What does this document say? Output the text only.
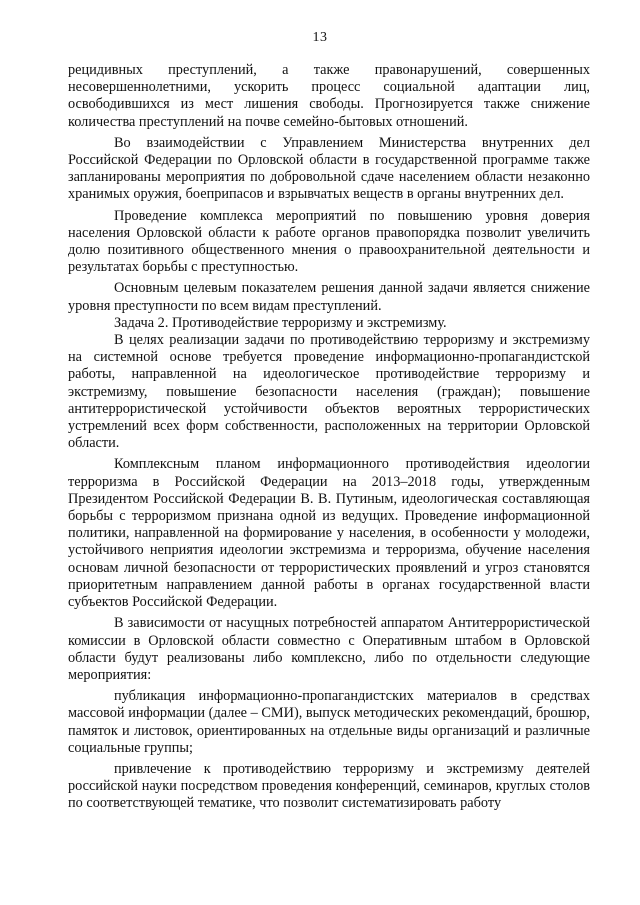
13

рецидивных преступлений, а также правонарушений, совершенных несовершеннолетними, ускорить процесс социальной адаптации лиц, освободившихся из мест лишения свободы. Прогнозируется также снижение количества преступлений на почве семейно-бытовых отношений.

Во взаимодействии с Управлением Министерства внутренних дел Российской Федерации по Орловской области в государственной программе также запланированы мероприятия по добровольной сдаче населением области незаконно хранимых оружия, боеприпасов и взрывчатых веществ в органы внутренних дел.

Проведение комплекса мероприятий по повышению уровня доверия населения Орловской области к работе органов правопорядка позволит увеличить долю позитивного общественного мнения о правоохранительной деятельности и результатах борьбы с преступностью.

Основным целевым показателем решения данной задачи является снижение уровня преступности по всем видам преступлений.

Задача 2. Противодействие терроризму и экстремизму.

В целях реализации задачи по противодействию терроризму и экстремизму на системной основе требуется проведение информационно-пропагандистской работы, направленной на идеологическое противодействие терроризму и экстремизму, повышение безопасности населения (граждан); повышение антитеррористической устойчивости объектов вероятных террористических устремлений всех форм собственности, расположенных на территории Орловской области.

Комплексным планом информационного противодействия идеологии терроризма в Российской Федерации на 2013–2018 годы, утвержденным Президентом Российской Федерации В. В. Путиным, идеологическая составляющая борьбы с терроризмом признана одной из ведущих. Проведение информационной политики, направленной на формирование у населения, в особенности у молодежи, устойчивого неприятия идеологии экстремизма и терроризма, обучение населения основам личной безопасности от террористических проявлений и угроз становятся приоритетным направлением данной работы в органах государственной власти субъектов Российской Федерации.

В зависимости от насущных потребностей аппаратом Антитеррористической комиссии в Орловской области совместно с Оперативным штабом в Орловской области будут реализованы либо комплексно, либо по отдельности следующие мероприятия:

публикация информационно-пропагандистских материалов в средствах массовой информации (далее – СМИ), выпуск методических рекомендаций, брошюр, памяток и листовок, ориентированных на отдельные виды организаций и различные социальные группы;

привлечение к противодействию терроризму и экстремизму деятелей российской науки посредством проведения конференций, семинаров, круглых столов по соответствующей тематике, что позволит систематизировать работу
